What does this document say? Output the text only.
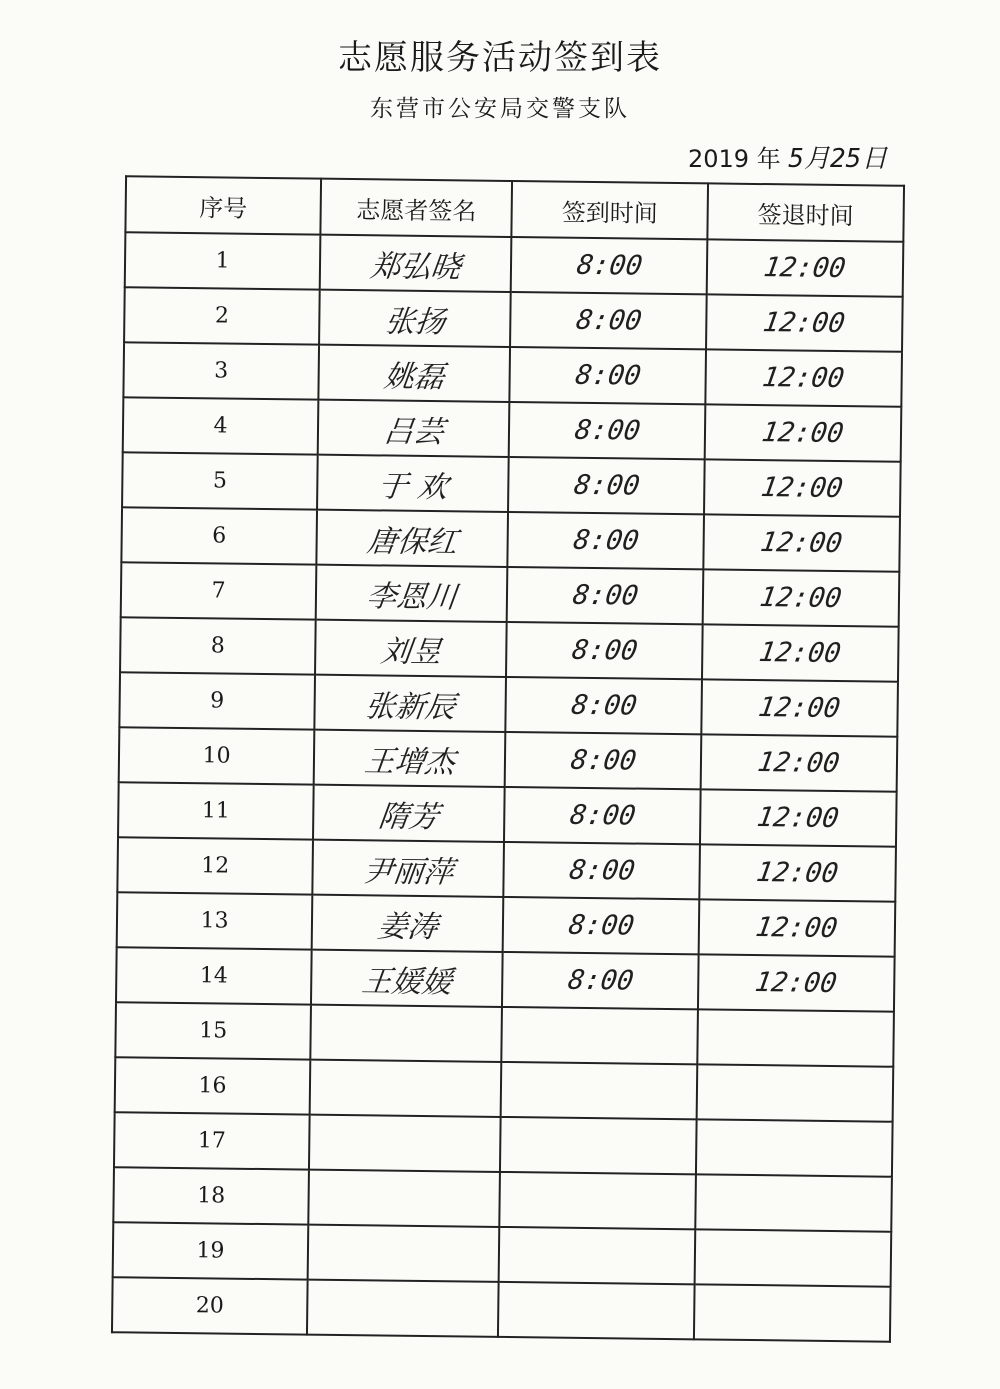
志愿服务活动签到表
东营市公安局交警支队
2019 年 5月25日
序号	志愿者签名	签到时间	签退时间
1	郑弘晓	8:00	12:00
2	张扬	8:00	12:00
3	姚磊	8:00	12:00
4	吕芸	8:00	12:00
5	于 欢	8:00	12:00
6	唐保红	8:00	12:00
7	李恩川	8:00	12:00
8	刘昱	8:00	12:00
9	张新辰	8:00	12:00
10	王增杰	8:00	12:00
11	隋芳	8:00	12:00
12	尹丽萍	8:00	12:00
13	姜涛	8:00	12:00
14	王媛媛	8:00	12:00
15			
16			
17			
18			
19			
20			
